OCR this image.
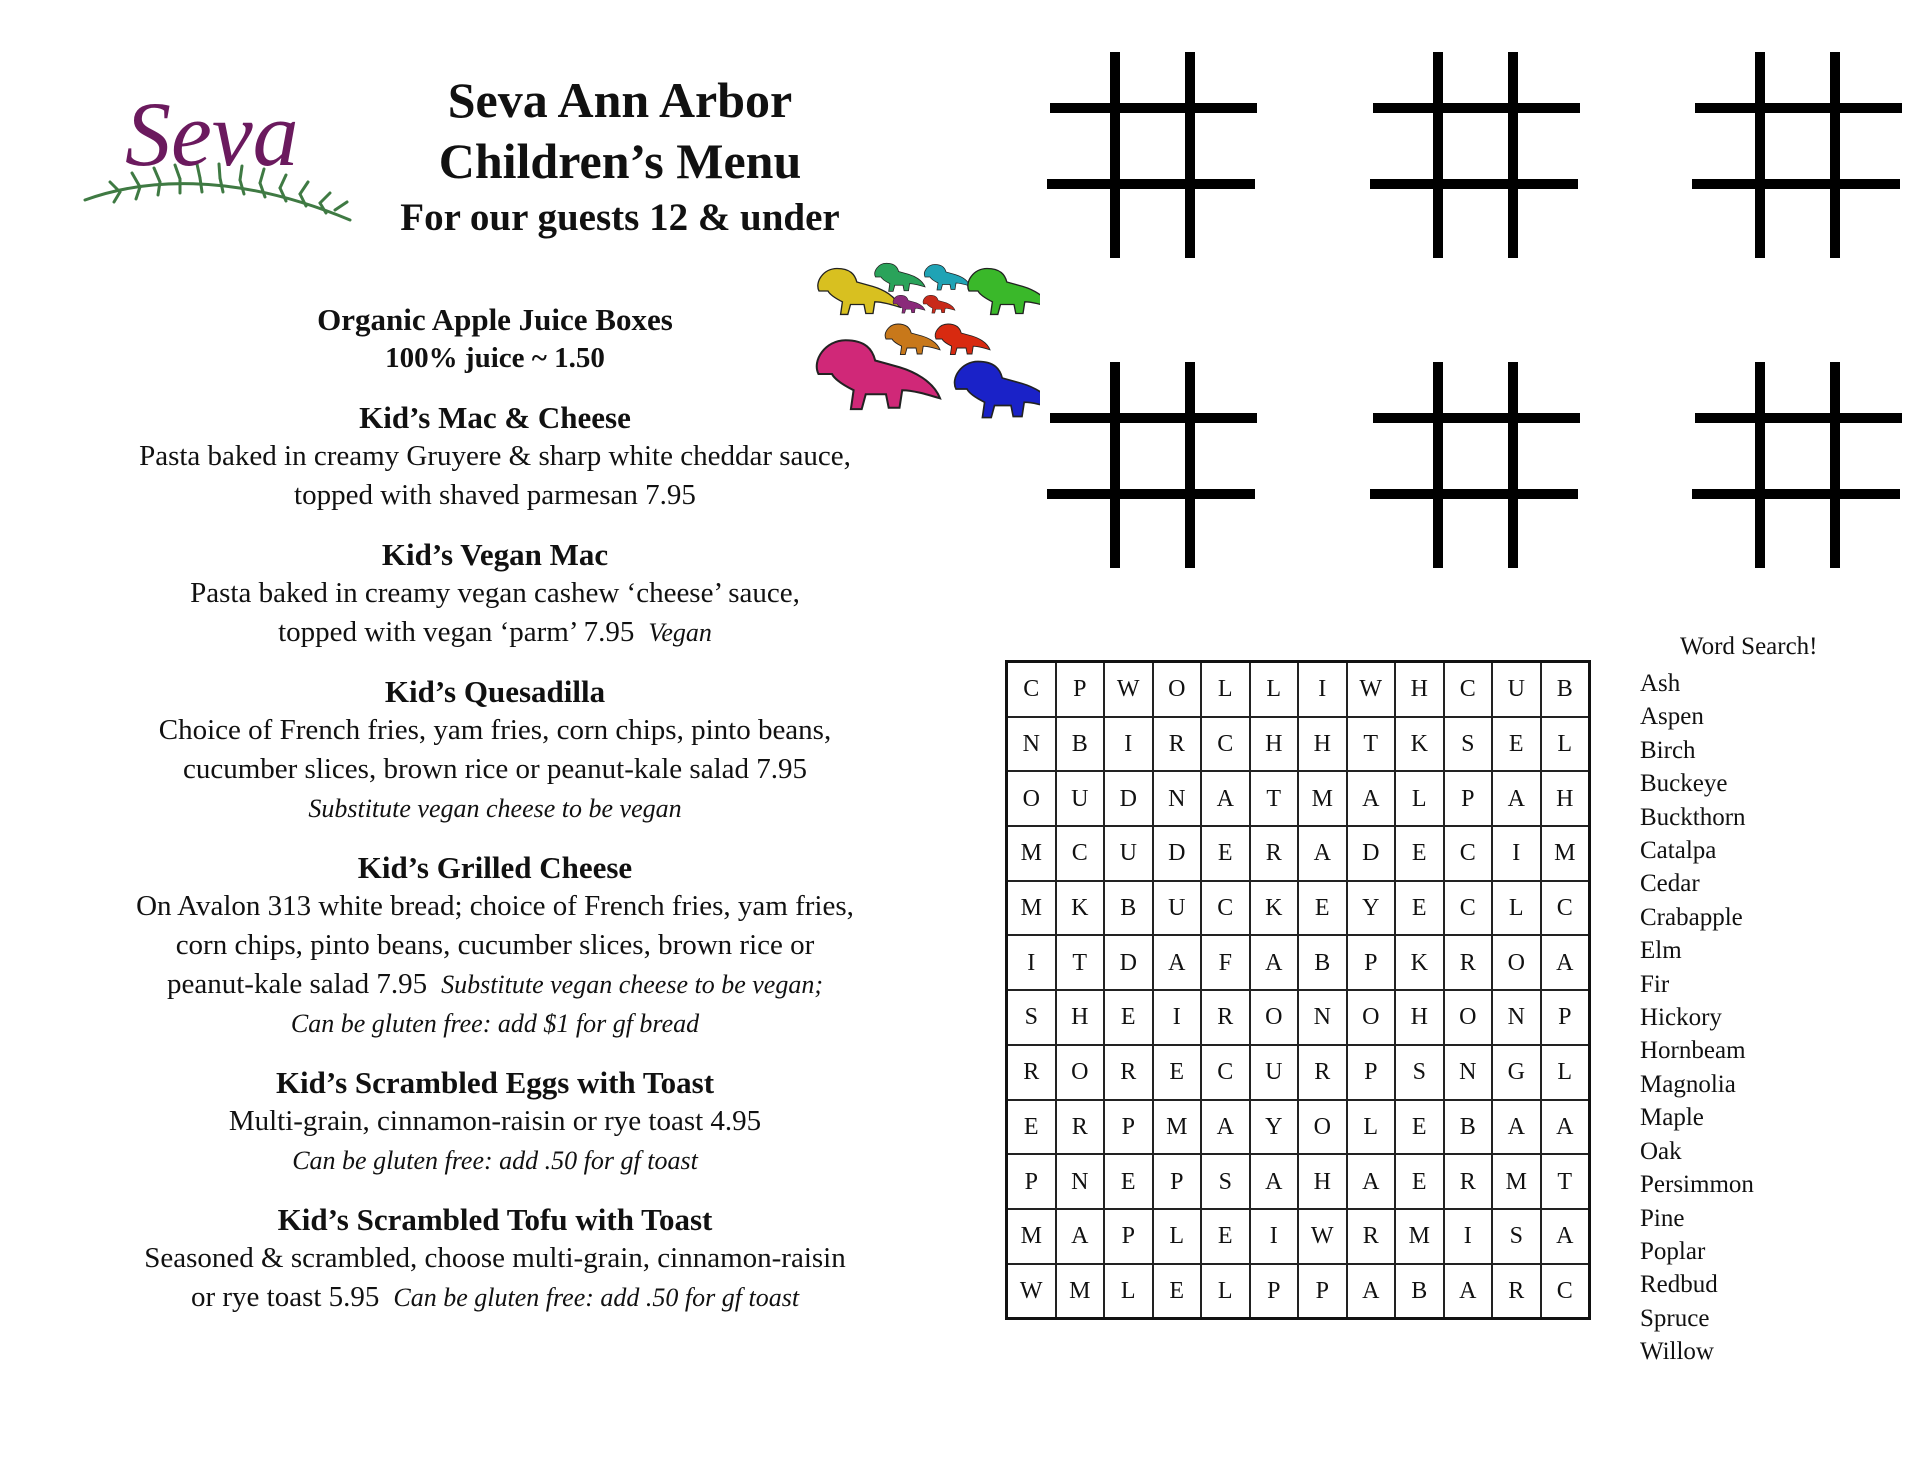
Seva	Seva Ann Arbor
Children’s Menu
For our guests 12 & under
Organic Apple Juice Boxes
100% juice ~ 1.50
Kid’s Mac & Cheese
Pasta baked in creamy Gruyere & sharp white cheddar sauce,
topped with shaved parmesan 7.95
Kid’s Vegan Mac
Pasta baked in creamy vegan cashew ‘cheese’ sauce,
topped with vegan ‘parm’ 7.95 Vegan
Kid’s Quesadilla
Choice of French fries, yam fries, corn chips, pinto beans,
cucumber slices, brown rice or peanut-kale salad 7.95
Substitute vegan cheese to be vegan
Kid’s Grilled Cheese
On Avalon 313 white bread; choice of French fries, yam fries,
corn chips, pinto beans, cucumber slices, brown rice or
peanut-kale salad 7.95 Substitute vegan cheese to be vegan;
Can be gluten free: add $1 for gf bread
Kid’s Scrambled Eggs with Toast
Multi-grain, cinnamon-raisin or rye toast 4.95
Can be gluten free: add .50 for gf toast
Kid’s Scrambled Tofu with Toast
Seasoned & scrambled, choose multi-grain, cinnamon-raisin
or rye toast 5.95 Can be gluten free: add .50 for gf toast
C	P	W	O	L	L	I	W	H	C	U	B
N	B	I	R	C	H	H	T	K	S	E	L
O	U	D	N	A	T	M	A	L	P	A	H
M	C	U	D	E	R	A	D	E	C	I	M
M	K	B	U	C	K	E	Y	E	C	L	C
I	T	D	A	F	A	B	P	K	R	O	A
S	H	E	I	R	O	N	O	H	O	N	P
R	O	R	E	C	U	R	P	S	N	G	L
E	R	P	M	A	Y	O	L	E	B	A	A
P	N	E	P	S	A	H	A	E	R	M	T
M	A	P	L	E	I	W	R	M	I	S	A
W	M	L	E	L	P	P	A	B	A	R	C
Word Search!
Ash
Aspen
Birch
Buckeye
Buckthorn
Catalpa
Cedar
Crabapple
Elm
Fir
Hickory
Hornbeam
Magnolia
Maple
Oak
Persimmon
Pine
Poplar
Redbud
Spruce
Willow
